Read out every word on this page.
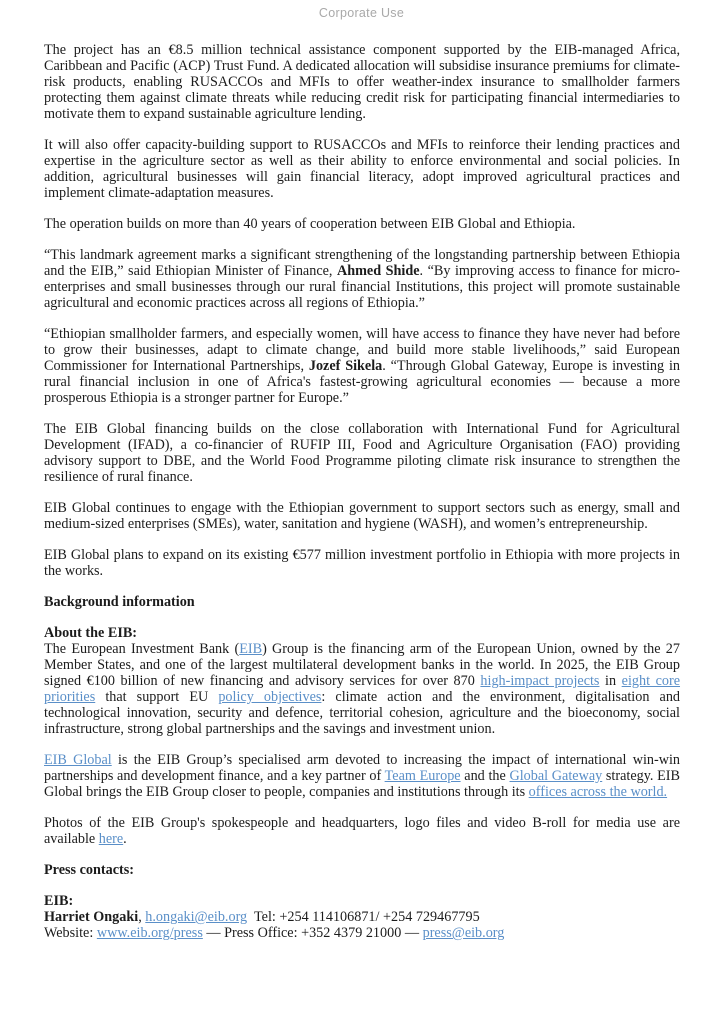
Corporate Use

The project has an €8.5 million technical assistance component supported by the EIB-managed Africa, Caribbean and Pacific (ACP) Trust Fund. A dedicated allocation will subsidise insurance premiums for climate-risk products, enabling RUSACCOs and MFIs to offer weather-index insurance to smallholder farmers protecting them against climate threats while reducing credit risk for participating financial intermediaries to motivate them to expand sustainable agriculture lending.

It will also offer capacity-building support to RUSACCOs and MFIs to reinforce their lending practices and expertise in the agriculture sector as well as their ability to enforce environmental and social policies. In addition, agricultural businesses will gain financial literacy, adopt improved agricultural practices and implement climate-adaptation measures.

The operation builds on more than 40 years of cooperation between EIB Global and Ethiopia.

“This landmark agreement marks a significant strengthening of the longstanding partnership between Ethiopia and the EIB,” said Ethiopian Minister of Finance, Ahmed Shide. “By improving access to finance for micro-enterprises and small businesses through our rural financial Institutions, this project will promote sustainable agricultural and economic practices across all regions of Ethiopia.”

“Ethiopian smallholder farmers, and especially women, will have access to finance they have never had before to grow their businesses, adapt to climate change, and build more stable livelihoods,” said European Commissioner for International Partnerships, Jozef Sikela. “Through Global Gateway, Europe is investing in rural financial inclusion in one of Africa's fastest-growing agricultural economies — because a more prosperous Ethiopia is a stronger partner for Europe.”

The EIB Global financing builds on the close collaboration with International Fund for Agricultural Development (IFAD), a co-financier of RUFIP III, Food and Agriculture Organisation (FAO) providing advisory support to DBE, and the World Food Programme piloting climate risk insurance to strengthen the resilience of rural finance.

EIB Global continues to engage with the Ethiopian government to support sectors such as energy, small and medium-sized enterprises (SMEs), water, sanitation and hygiene (WASH), and women’s entrepreneurship.

EIB Global plans to expand on its existing €577 million investment portfolio in Ethiopia with more projects in the works.

Background information

About the EIB:
The European Investment Bank (EIB) Group is the financing arm of the European Union, owned by the 27 Member States, and one of the largest multilateral development banks in the world. In 2025, the EIB Group signed €100 billion of new financing and advisory services for over 870 high-impact projects in eight core priorities that support EU policy objectives: climate action and the environment, digitalisation and technological innovation, security and defence, territorial cohesion, agriculture and the bioeconomy, social infrastructure, strong global partnerships and the savings and investment union.

EIB Global is the EIB Group’s specialised arm devoted to increasing the impact of international win-win partnerships and development finance, and a key partner of Team Europe and the Global Gateway strategy. EIB Global brings the EIB Group closer to people, companies and institutions through its offices across the world.

Photos of the EIB Group's spokespeople and headquarters, logo files and video B-roll for media use are available here.

Press contacts:

EIB:
Harriet Ongaki, h.ongaki@eib.org  Tel: +254 114106871/ +254 729467795
Website: www.eib.org/press — Press Office: +352 4379 21000 — press@eib.org
